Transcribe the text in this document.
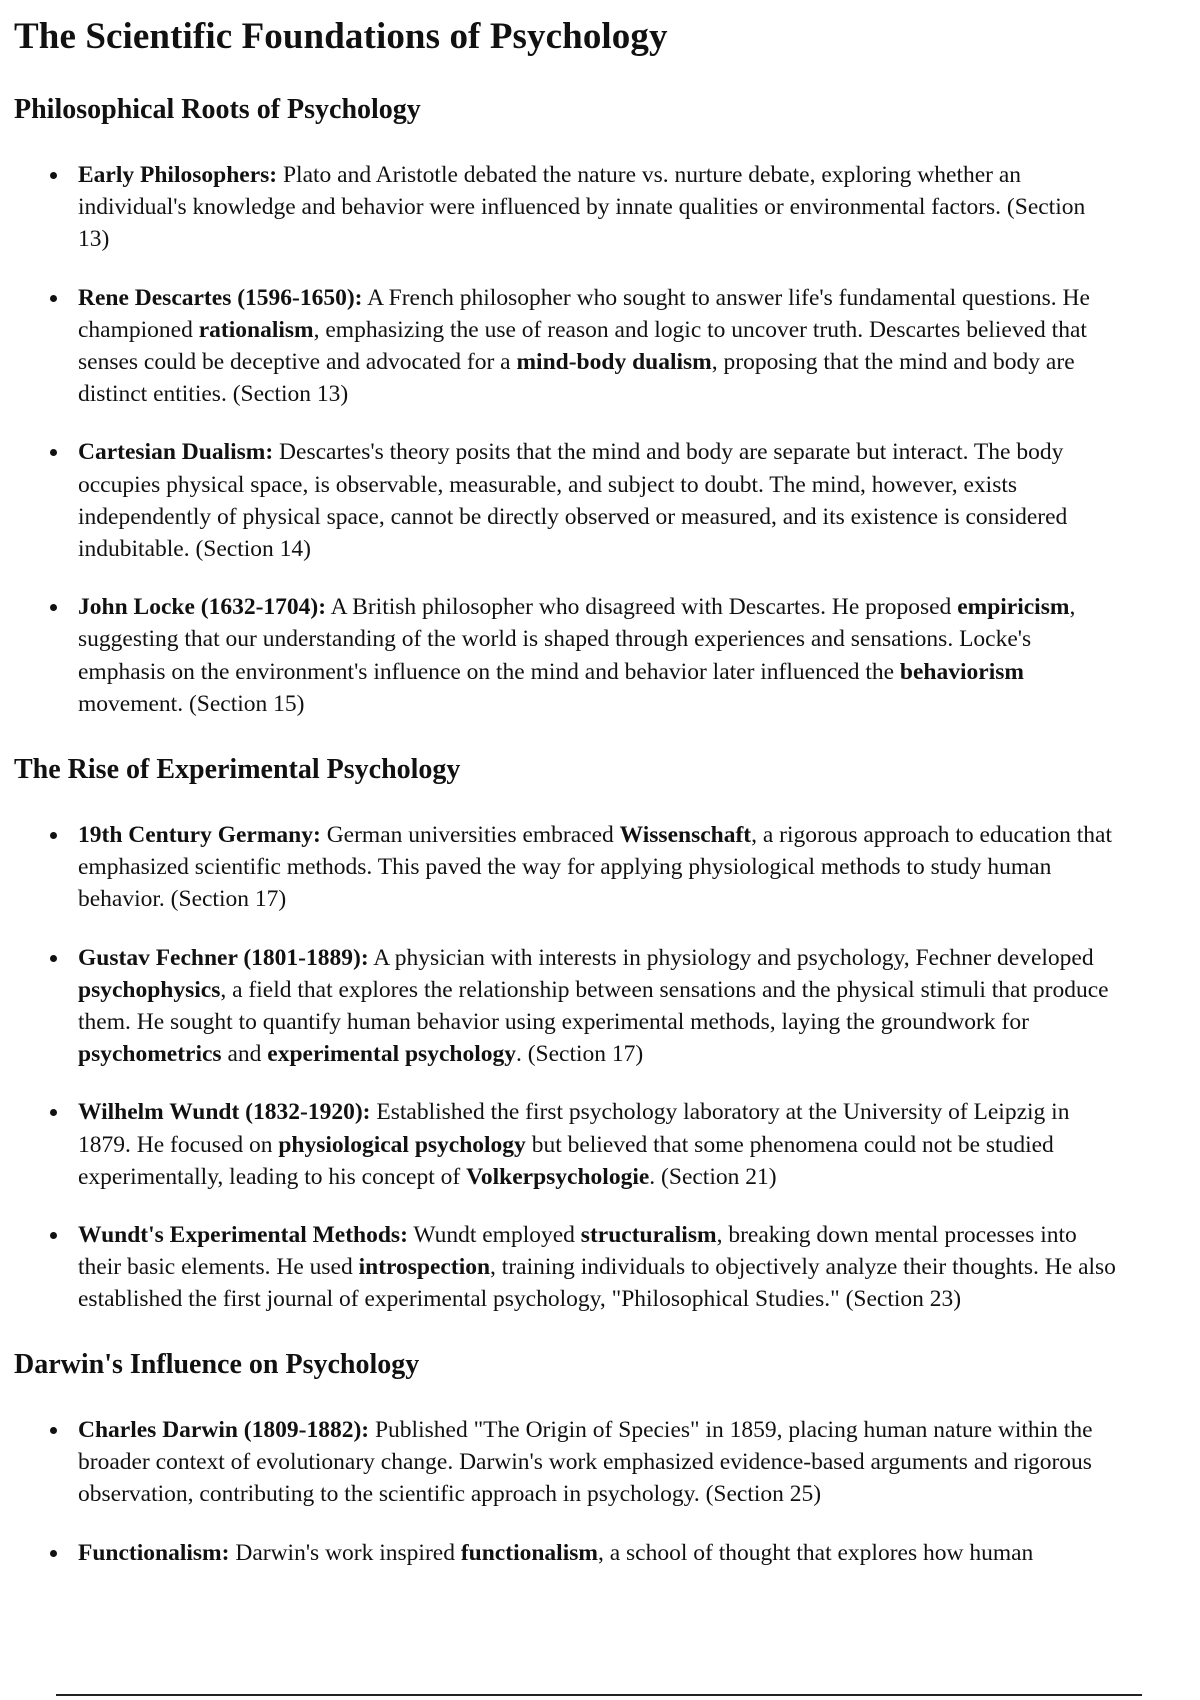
The Scientific Foundations of Psychology
Philosophical Roots of Psychology
Early Philosophers: Plato and Aristotle debated the nature vs. nurture debate, exploring whether an
individual's knowledge and behavior were influenced by innate qualities or environmental factors. (Section
13)
Rene Descartes (1596-1650): A French philosopher who sought to answer life's fundamental questions. He
championed rationalism, emphasizing the use of reason and logic to uncover truth. Descartes believed that
senses could be deceptive and advocated for a mind-body dualism, proposing that the mind and body are
distinct entities. (Section 13)
Cartesian Dualism: Descartes's theory posits that the mind and body are separate but interact. The body
occupies physical space, is observable, measurable, and subject to doubt. The mind, however, exists
independently of physical space, cannot be directly observed or measured, and its existence is considered
indubitable. (Section 14)
John Locke (1632-1704): A British philosopher who disagreed with Descartes. He proposed empiricism,
suggesting that our understanding of the world is shaped through experiences and sensations. Locke's
emphasis on the environment's influence on the mind and behavior later influenced the behaviorism
movement. (Section 15)
The Rise of Experimental Psychology
19th Century Germany: German universities embraced Wissenschaft, a rigorous approach to education that
emphasized scientific methods. This paved the way for applying physiological methods to study human
behavior. (Section 17)
Gustav Fechner (1801-1889): A physician with interests in physiology and psychology, Fechner developed
psychophysics, a field that explores the relationship between sensations and the physical stimuli that produce
them. He sought to quantify human behavior using experimental methods, laying the groundwork for
psychometrics and experimental psychology. (Section 17)
Wilhelm Wundt (1832-1920): Established the first psychology laboratory at the University of Leipzig in
1879. He focused on physiological psychology but believed that some phenomena could not be studied
experimentally, leading to his concept of Volkerpsychologie. (Section 21)
Wundt's Experimental Methods: Wundt employed structuralism, breaking down mental processes into
their basic elements. He used introspection, training individuals to objectively analyze their thoughts. He also
established the first journal of experimental psychology, "Philosophical Studies." (Section 23)
Darwin's Influence on Psychology
Charles Darwin (1809-1882): Published "The Origin of Species" in 1859, placing human nature within the
broader context of evolutionary change. Darwin's work emphasized evidence-based arguments and rigorous
observation, contributing to the scientific approach in psychology. (Section 25)
Functionalism: Darwin's work inspired functionalism, a school of thought that explores how human
